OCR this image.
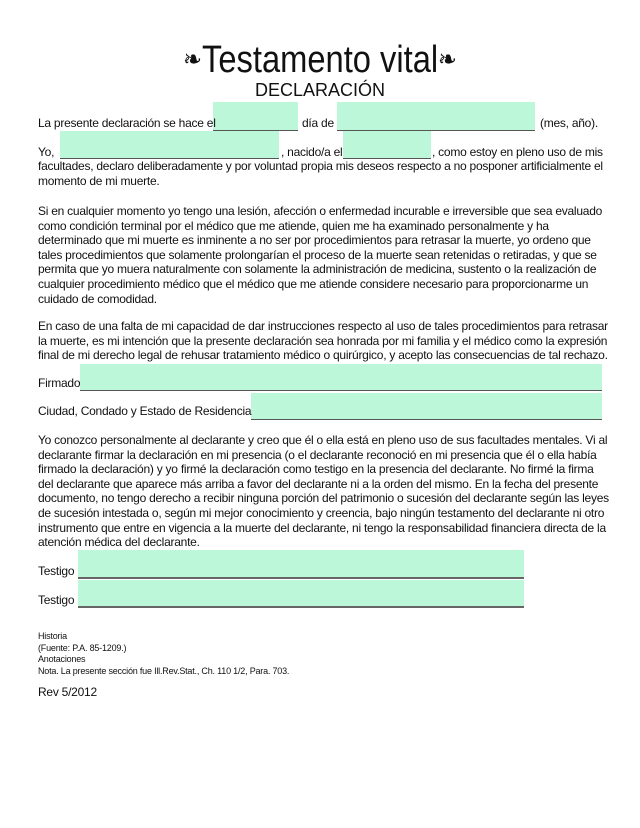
❧Testamento vital❧
DECLARACIÓN
La presente declaración se hace el	día de	(mes, año).
Yo,	, nacido/a el	, como estoy en pleno uso de mis
facultades, declaro deliberadamente y por voluntad propia mis deseos respecto a no posponer artificialmente el
momento de mi muerte.
Si en cualquier momento yo tengo una lesión, afección o enfermedad incurable e irreversible que sea evaluado
como condición terminal por el médico que me atiende, quien me ha examinado personalmente y ha
determinado que mi muerte es inminente a no ser por procedimientos para retrasar la muerte, yo ordeno que
tales procedimientos que solamente prolongarían el proceso de la muerte sean retenidas o retiradas, y que se
permita que yo muera naturalmente con solamente la administración de medicina, sustento o la realización de
cualquier procedimiento médico que el médico que me atiende considere necesario para proporcionarme un
cuidado de comodidad.
En caso de una falta de mi capacidad de dar instrucciones respecto al uso de tales procedimientos para retrasar
la muerte, es mi intención que la presente declaración sea honrada por mi familia y el médico como la expresión
final de mi derecho legal de rehusar tratamiento médico o quirúrgico, y acepto las consecuencias de tal rechazo.
Firmado
Ciudad, Condado y Estado de Residencia
Yo conozco personalmente al declarante y creo que él o ella está en pleno uso de sus facultades mentales. Vi al
declarante firmar la declaración en mi presencia (o el declarante reconoció en mi presencia que él o ella había
firmado la declaración) y yo firmé la declaración como testigo en la presencia del declarante. No firmé la firma
del declarante que aparece más arriba a favor del declarante ni a la orden del mismo. En la fecha del presente
documento, no tengo derecho a recibir ninguna porción del patrimonio o sucesión del declarante según las leyes
de sucesión intestada o, según mi mejor conocimiento y creencia, bajo ningún testamento del declarante ni otro
instrumento que entre en vigencia a la muerte del declarante, ni tengo la responsabilidad financiera directa de la
atención médica del declarante.
Testigo
Testigo
Historia
(Fuente: P.A. 85-1209.)
Anotaciones
Nota. La presente sección fue Ill.Rev.Stat., Ch. 110 1/2, Para. 703.
Rev 5/2012
